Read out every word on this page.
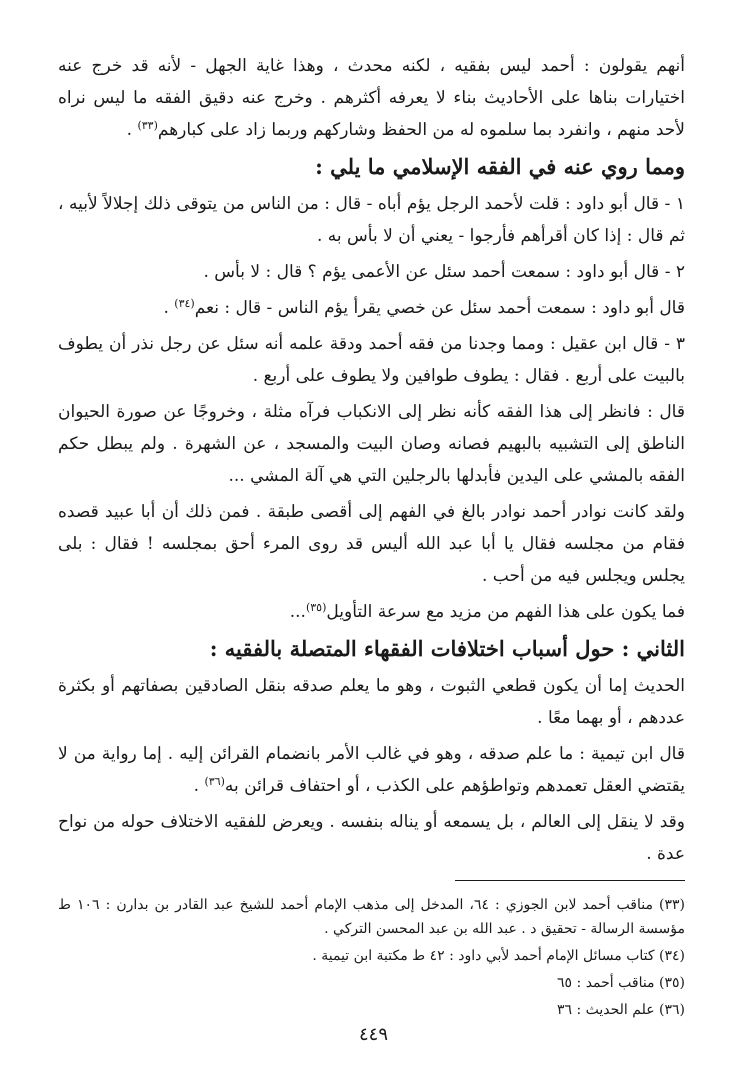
أنهم يقولون : أحمد ليس بفقيه ، لكنه محدث ، وهذا غاية الجهل - لأنه قد خرج عنه اختيارات بناها على الأحاديث بناء لا يعرفه أكثرهم . وخرج عنه دقيق الفقه ما ليس نراه لأحد منهم ، وانفرد بما سلموه له من الحفظ وشاركهم وربما زاد على كبارهم$^{(٣٣)}$ .

ومما روي عنه في الفقه الإسلامي ما يلي :

١ - قال أبو داود : قلت لأحمد الرجل يؤم أباه - قال : من الناس من يتوقى ذلك إجلالاً لأبيه ، ثم قال : إذا كان أقرأهم فأرجوا - يعني أن لا بأس به .

٢ - قال أبو داود : سمعت أحمد سئل عن الأعمى يؤم ؟ قال : لا بأس .

قال أبو داود : سمعت أحمد سئل عن خصي يقرأ يؤم الناس - قال : نعم$^{(٣٤)}$ .

٣ - قال ابن عقيل : ومما وجدنا من فقه أحمد ودقة علمه أنه سئل عن رجل نذر أن يطوف بالبيت على أربع . فقال : يطوف طوافين ولا يطوف على أربع .

قال : فانظر إلى هذا الفقه كأنه نظر إلى الانكباب فرآه مثلة ، وخروجًا عن صورة الحيوان الناطق إلى التشبيه بالبهيم فصانه وصان البيت والمسجد ، عن الشهرة . ولم يبطل حكم الفقه بالمشي على اليدين فأبدلها بالرجلين التي هي آلة المشي ...

ولقد كانت نوادر أحمد نوادر بالغ في الفهم إلى أقصى طبقة . فمن ذلك أن أبا عبيد قصده فقام من مجلسه فقال يا أبا عبد الله أليس قد روى المرء أحق بمجلسه ! فقال : بلى يجلس ويجلس فيه من أحب .

فما يكون على هذا الفهم من مزيد مع سرعة التأويل$^{(٣٥)}$...

الثاني : حول أسباب اختلافات الفقهاء المتصلة بالفقيه :

الحديث إما أن يكون قطعي الثبوت ، وهو ما يعلم صدقه بنقل الصادقين بصفاتهم أو بكثرة عددهم ، أو بهما معًا .

قال ابن تيمية : ما علم صدقه ، وهو في غالب الأمر بانضمام القرائن إليه . إما رواية من لا يقتضي العقل تعمدهم وتواطؤهم على الكذب ، أو احتفاف قرائن به$^{(٣٦)}$ .

وقد لا ينقل إلى العالم ، بل يسمعه أو يناله بنفسه . ويعرض للفقيه الاختلاف حوله من نواح عدة .

(٣٣) مناقب أحمد لابن الجوزي : ٦٤، المدخل إلى مذهب الإمام أحمد للشيخ عبد القادر بن بدارن : ١٠٦ ط مؤسسة الرسالة - تحقيق د . عبد الله بن عبد المحسن التركي .

(٣٤) كتاب مسائل الإمام أحمد لأبي داود : ٤٢ ط مكتبة ابن تيمية .

(٣٥) مناقب أحمد : ٦٥

(٣٦) علم الحديث : ٣٦

٤٤٩
